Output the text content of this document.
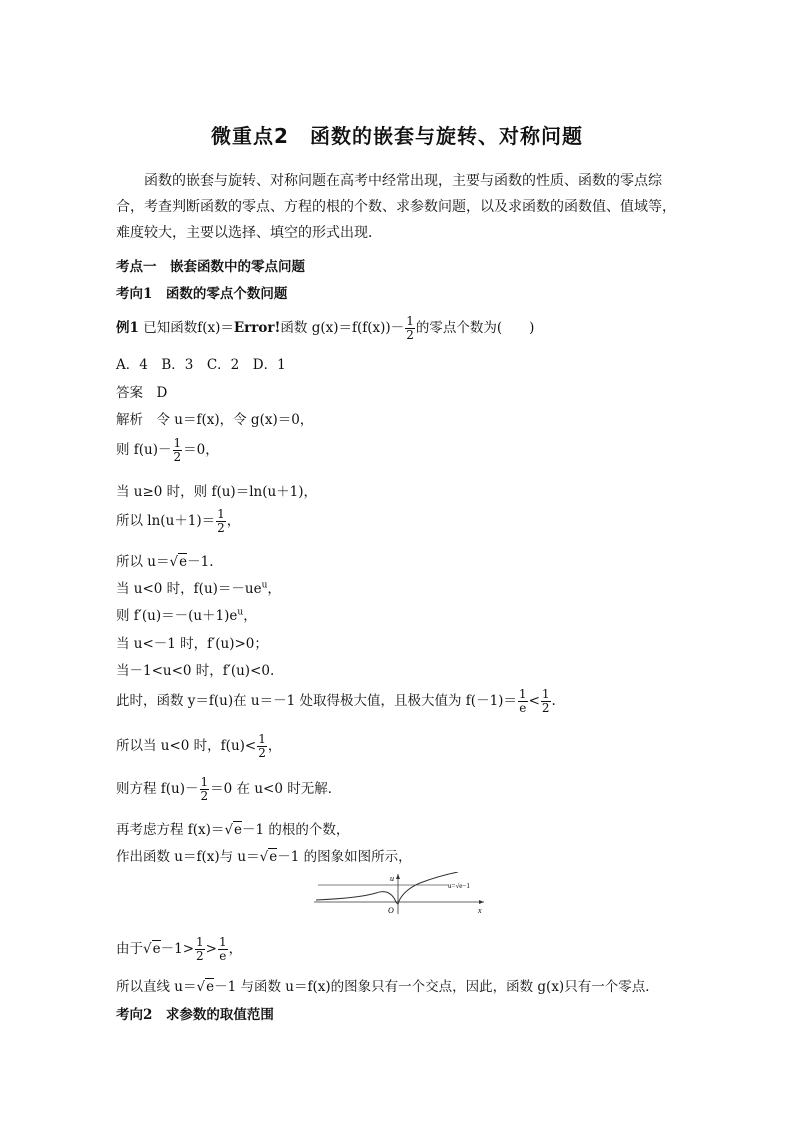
微重点2　函数的嵌套与旋转、对称问题
函数的嵌套与旋转、对称问题在高考中经常出现，主要与函数的性质、函数的零点综合，考查判断函数的零点、方程的根的个数、求参数问题，以及求函数的函数值、值域等，难度较大，主要以选择、填空的形式出现．
考点一　嵌套函数中的零点问题
考向1　函数的零点个数问题
例1 已知函数f(x)＝Error!函数 $g(x)=f(f(x))- \frac{1}{2}$ 的零点个数为(　　)
A．4　B．3　C．2　D．1
答案　D
解析　令 u＝f(x)，令 g(x)＝0，
则 $f(u)- \frac{1}{2} =0$，
当 u≥0 时，则 f(u)＝ln(u＋1)，
所以 $\ln(u+1)= \frac{1}{2}$ ，
所以 u＝√e－1.
当 u<0 时，$f(u)=-ue^u$，
则 $f'(u)=-(u+1)e^u$，
当 u<－1 时，f′(u)>0；
当－1<u<0 时，f′(u)<0.
此时，函数 y＝f(u)在 u＝－1 处取得极大值，且极大值为 $f(-1)= \frac{1}{e} < \frac{1}{2}$ .
所以当 u<0 时，$f(u)< \frac{1}{2}$ ，
则方程 $f(u)- \frac{1}{2} =0$ 在 u<0 时无解．
再考虑方程 f(x)＝√e－1 的根的个数，
作出函数 u＝f(x)与 u＝√e－1 的图象如图所示，
u
x
O
u=√e−1
由于$√e-1> \frac{1}{2} > \frac{1}{e}$ ，
所以直线 u＝√e－1 与函数 u＝f(x)的图象只有一个交点，因此，函数 g(x)只有一个零点．
考向2　求参数的取值范围
